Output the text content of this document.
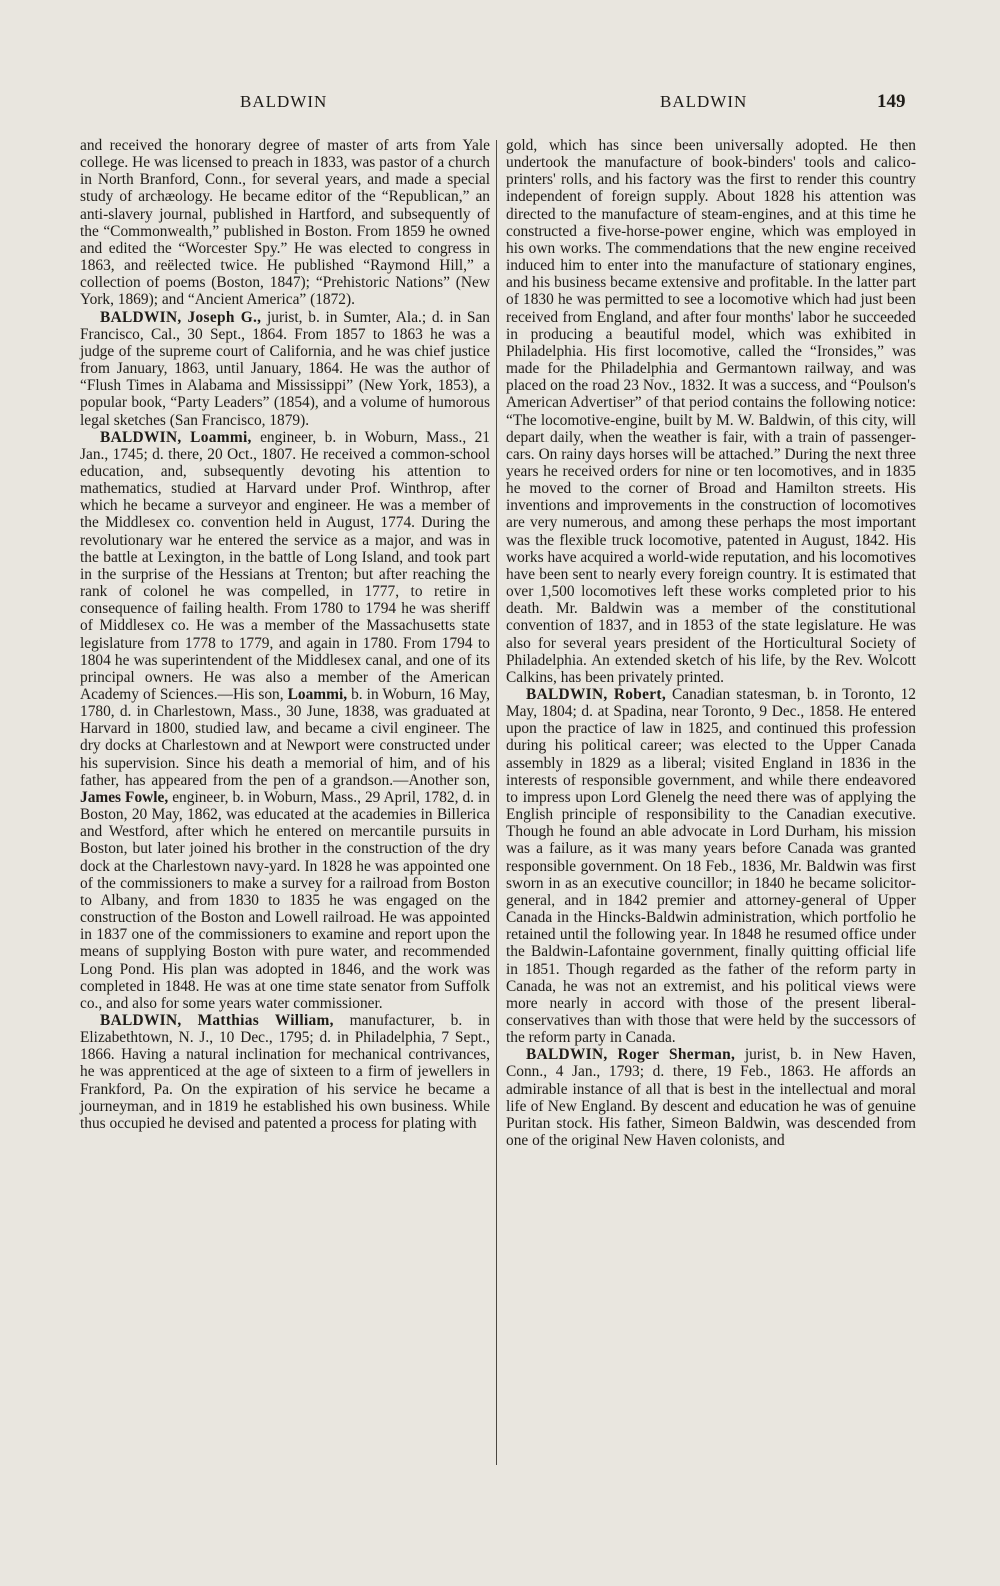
BALDWIN	BALDWIN	149

and received the honorary degree of master of arts from Yale college. He was licensed to preach in 1833, was pastor of a church in North Branford, Conn., for several years, and made a special study of archæology. He became editor of the “Republican,” an anti-slavery journal, published in Hartford, and subsequently of the “Commonwealth,” published in Boston. From 1859 he owned and edited the “Worcester Spy.” He was elected to congress in 1863, and reëlected twice. He published “Raymond Hill,” a collection of poems (Boston, 1847); “Prehistoric Nations” (New York, 1869); and “Ancient America” (1872).

BALDWIN, Joseph G., jurist, b. in Sumter, Ala.; d. in San Francisco, Cal., 30 Sept., 1864. From 1857 to 1863 he was a judge of the supreme court of California, and he was chief justice from January, 1863, until January, 1864. He was the author of “Flush Times in Alabama and Mississippi” (New York, 1853), a popular book, “Party Leaders” (1854), and a volume of humorous legal sketches (San Francisco, 1879).

BALDWIN, Loammi, engineer, b. in Woburn, Mass., 21 Jan., 1745; d. there, 20 Oct., 1807. He received a common-school education, and, subsequently devoting his attention to mathematics, studied at Harvard under Prof. Winthrop, after which he became a surveyor and engineer. He was a member of the Middlesex co. convention held in August, 1774. During the revolutionary war he entered the service as a major, and was in the battle at Lexington, in the battle of Long Island, and took part in the surprise of the Hessians at Trenton; but after reaching the rank of colonel he was compelled, in 1777, to retire in consequence of failing health. From 1780 to 1794 he was sheriff of Middlesex co. He was a member of the Massachusetts state legislature from 1778 to 1779, and again in 1780. From 1794 to 1804 he was superintendent of the Middlesex canal, and one of its principal owners. He was also a member of the American Academy of Sciences.—His son, Loammi, b. in Woburn, 16 May, 1780, d. in Charlestown, Mass., 30 June, 1838, was graduated at Harvard in 1800, studied law, and became a civil engineer. The dry docks at Charlestown and at Newport were constructed under his supervision. Since his death a memorial of him, and of his father, has appeared from the pen of a grandson.—Another son, James Fowle, engineer, b. in Woburn, Mass., 29 April, 1782, d. in Boston, 20 May, 1862, was educated at the academies in Billerica and Westford, after which he entered on mercantile pursuits in Boston, but later joined his brother in the construction of the dry dock at the Charlestown navy-yard. In 1828 he was appointed one of the commissioners to make a survey for a railroad from Boston to Albany, and from 1830 to 1835 he was engaged on the construction of the Boston and Lowell railroad. He was appointed in 1837 one of the commissioners to examine and report upon the means of supplying Boston with pure water, and recommended Long Pond. His plan was adopted in 1846, and the work was completed in 1848. He was at one time state senator from Suffolk co., and also for some years water commissioner.

BALDWIN, Matthias William, manufacturer, b. in Elizabethtown, N. J., 10 Dec., 1795; d. in Philadelphia, 7 Sept., 1866. Having a natural inclination for mechanical contrivances, he was apprenticed at the age of sixteen to a firm of jewellers in Frankford, Pa. On the expiration of his service he became a journeyman, and in 1819 he established his own business. While thus occupied he devised and patented a process for plating with

gold, which has since been universally adopted. He then undertook the manufacture of book-binders' tools and calico-printers' rolls, and his factory was the first to render this country independent of foreign supply. About 1828 his attention was directed to the manufacture of steam-engines, and at this time he constructed a five-horse-power engine, which was employed in his own works. The commendations that the new engine received induced him to enter into the manufacture of stationary engines, and his business became extensive and profitable. In the latter part of 1830 he was permitted to see a locomotive which had just been received from England, and after four months' labor he succeeded in producing a beautiful model, which was exhibited in Philadelphia. His first locomotive, called the “Ironsides,” was made for the Philadelphia and Germantown railway, and was placed on the road 23 Nov., 1832. It was a success, and “Poulson's American Advertiser” of that period contains the following notice: “The locomotive-engine, built by M. W. Baldwin, of this city, will depart daily, when the weather is fair, with a train of passenger-cars. On rainy days horses will be attached.” During the next three years he received orders for nine or ten locomotives, and in 1835 he moved to the corner of Broad and Hamilton streets. His inventions and improvements in the construction of locomotives are very numerous, and among these perhaps the most important was the flexible truck locomotive, patented in August, 1842. His works have acquired a world-wide reputation, and his locomotives have been sent to nearly every foreign country. It is estimated that over 1,500 locomotives left these works completed prior to his death. Mr. Baldwin was a member of the constitutional convention of 1837, and in 1853 of the state legislature. He was also for several years president of the Horticultural Society of Philadelphia. An extended sketch of his life, by the Rev. Wolcott Calkins, has been privately printed.

BALDWIN, Robert, Canadian statesman, b. in Toronto, 12 May, 1804; d. at Spadina, near Toronto, 9 Dec., 1858. He entered upon the practice of law in 1825, and continued this profession during his political career; was elected to the Upper Canada assembly in 1829 as a liberal; visited England in 1836 in the interests of responsible government, and while there endeavored to impress upon Lord Glenelg the need there was of applying the English principle of responsibility to the Canadian executive. Though he found an able advocate in Lord Durham, his mission was a failure, as it was many years before Canada was granted responsible government. On 18 Feb., 1836, Mr. Baldwin was first sworn in as an executive councillor; in 1840 he became solicitor-general, and in 1842 premier and attorney-general of Upper Canada in the Hincks-Baldwin administration, which portfolio he retained until the following year. In 1848 he resumed office under the Baldwin-Lafontaine government, finally quitting official life in 1851. Though regarded as the father of the reform party in Canada, he was not an extremist, and his political views were more nearly in accord with those of the present liberal-conservatives than with those that were held by the successors of the reform party in Canada.

BALDWIN, Roger Sherman, jurist, b. in New Haven, Conn., 4 Jan., 1793; d. there, 19 Feb., 1863. He affords an admirable instance of all that is best in the intellectual and moral life of New England. By descent and education he was of genuine Puritan stock. His father, Simeon Baldwin, was descended from one of the original New Haven colonists, and
